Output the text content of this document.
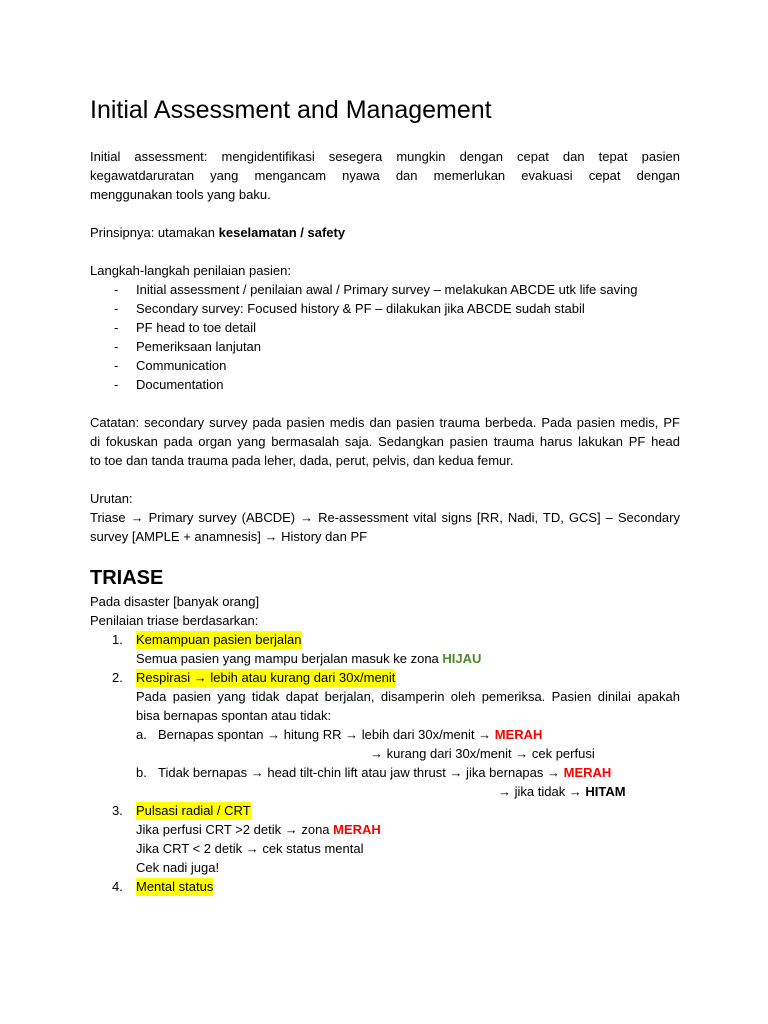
Initial Assessment and Management
Initial assessment: mengidentifikasi sesegera mungkin dengan cepat dan tepat pasien
kegawatdaruratan yang mengancam nyawa dan memerlukan evakuasi cepat dengan
menggunakan tools yang baku.
Prinsipnya: utamakan keselamatan / safety
Langkah-langkah penilaian pasien:
- Initial assessment / penilaian awal / Primary survey – melakukan ABCDE utk life saving
- Secondary survey: Focused history & PF – dilakukan jika ABCDE sudah stabil
- PF head to toe detail
- Pemeriksaan lanjutan
- Communication
- Documentation
Catatan: secondary survey pada pasien medis dan pasien trauma berbeda. Pada pasien medis, PF
di fokuskan pada organ yang bermasalah saja. Sedangkan pasien trauma harus lakukan PF head
to toe dan tanda trauma pada leher, dada, perut, pelvis, dan kedua femur.
Urutan:
Triase → Primary survey (ABCDE) → Re-assessment vital signs [RR, Nadi, TD, GCS] – Secondary
survey [AMPLE + anamnesis] → History dan PF
TRIASE
Pada disaster [banyak orang]
Penilaian triase berdasarkan:
1. Kemampuan pasien berjalan
Semua pasien yang mampu berjalan masuk ke zona HIJAU
2. Respirasi → lebih atau kurang dari 30x/menit
Pada pasien yang tidak dapat berjalan, disamperin oleh pemeriksa. Pasien dinilai apakah
bisa bernapas spontan atau tidak:
a. Bernapas spontan → hitung RR → lebih dari 30x/menit → MERAH
→ kurang dari 30x/menit → cek perfusi
b. Tidak bernapas → head tilt-chin lift atau jaw thrust → jika bernapas → MERAH
→ jika tidak → HITAM
3. Pulsasi radial / CRT
Jika perfusi CRT >2 detik → zona MERAH
Jika CRT < 2 detik → cek status mental
Cek nadi juga!
4. Mental status
